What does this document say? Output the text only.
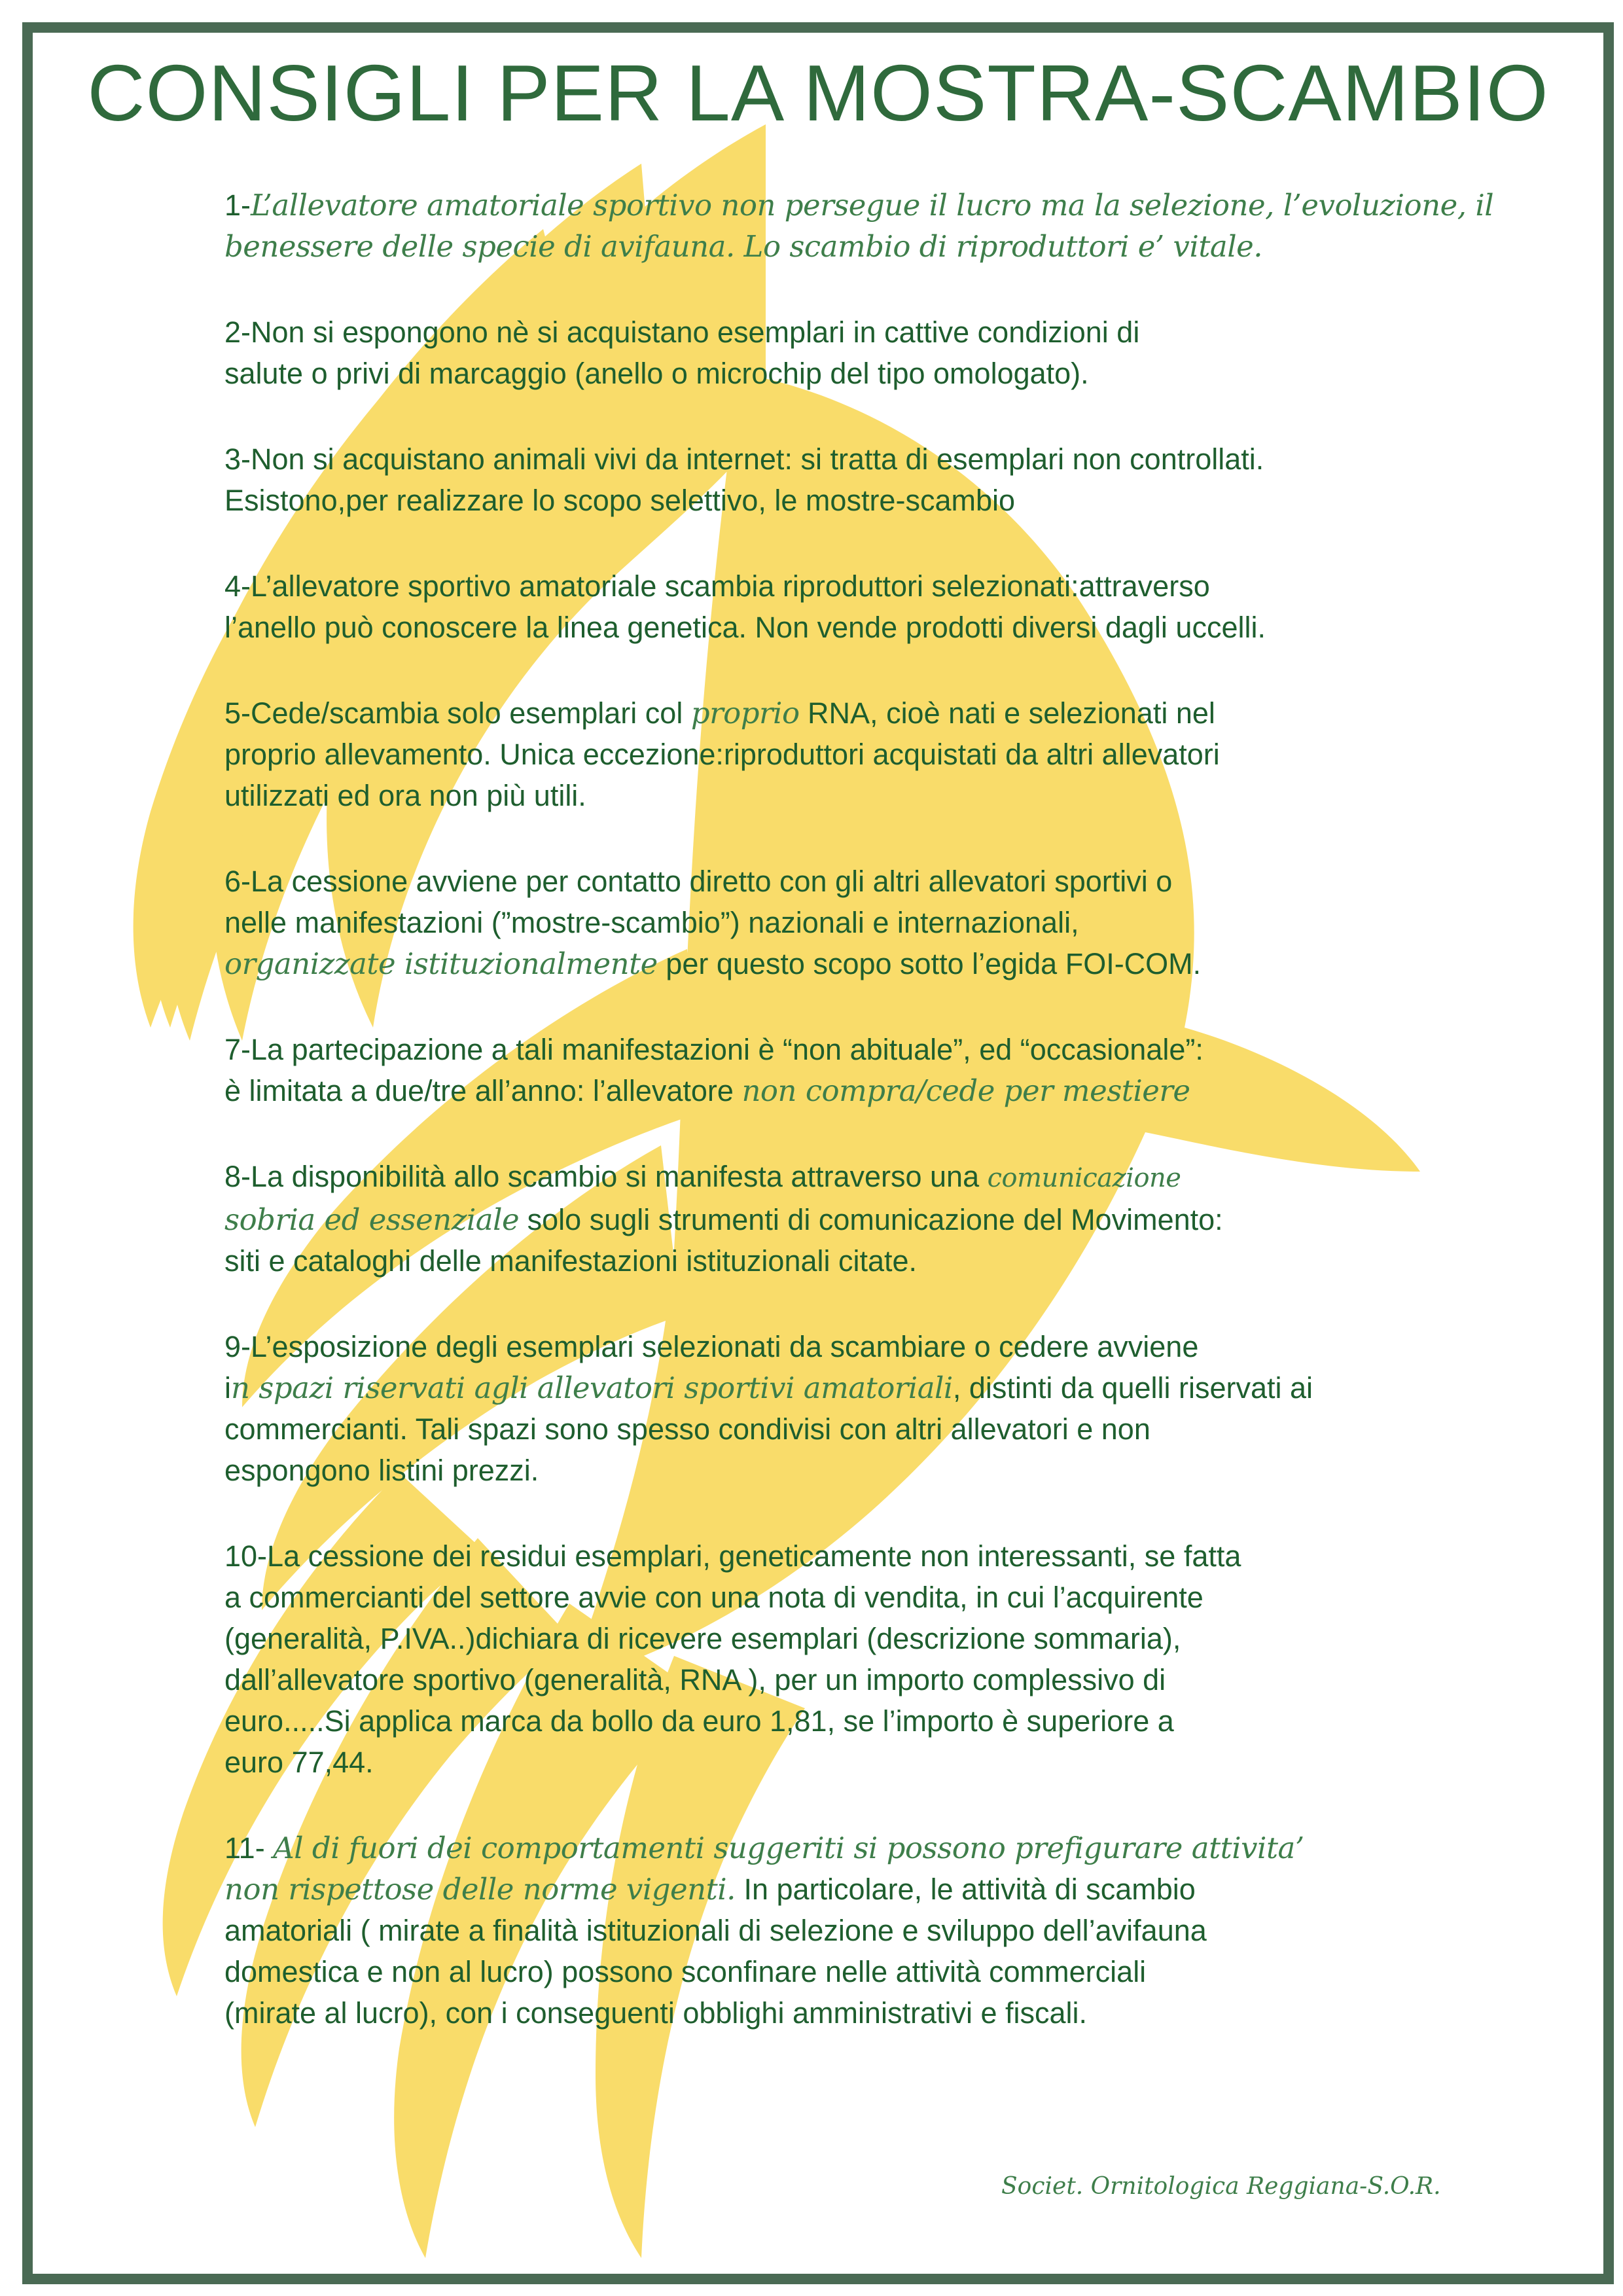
CONSIGLI PER LA MOSTRA-SCAMBIO

1-L’allevatore amatoriale sportivo non persegue il lucro ma la selezione, l’evoluzione, il benessere delle specie di avifauna. Lo scambio di riproduttori e’ vitale.

2-Non si espongono nè si acquistano esemplari in cattive condizioni di
salute o privi di marcaggio (anello o microchip del tipo omologato).

3-Non si acquistano animali vivi da internet: si tratta di esemplari non controllati.
Esistono,per realizzare lo scopo selettivo, le mostre-scambio

4-L’allevatore sportivo amatoriale scambia riproduttori selezionati:attraverso
l’anello può conoscere la linea genetica. Non vende prodotti diversi dagli uccelli.

5-Cede/scambia solo esemplari col proprio RNA, cioè nati e selezionati nel
proprio allevamento. Unica eccezione:riproduttori acquistati da altri allevatori
utilizzati ed ora non più utili.

6-La cessione avviene per contatto diretto con gli altri allevatori sportivi o
nelle manifestazioni (”mostre-scambio”) nazionali e internazionali,
organizzate istituzionalmente per questo scopo sotto l’egida FOI-COM.

7-La partecipazione a tali manifestazioni è “non abituale”, ed “occasionale”:
è limitata a due/tre all’anno: l’allevatore non compra/cede per mestiere

8-La disponibilità allo scambio si manifesta attraverso una comunicazione
sobria ed essenziale solo sugli strumenti di comunicazione del Movimento:
siti e cataloghi delle manifestazioni istituzionali citate.

9-L’esposizione degli esemplari selezionati da scambiare o cedere avviene
in spazi riservati agli allevatori sportivi amatoriali, distinti da quelli riservati ai
commercianti. Tali spazi sono spesso condivisi con altri allevatori e non
espongono listini prezzi.

10-La cessione dei residui esemplari, geneticamente non interessanti, se fatta
a commercianti del settore avvie con una nota di vendita, in cui l’acquirente
(generalità, P.IVA..)dichiara di ricevere esemplari (descrizione sommaria),
dall’allevatore sportivo (generalità, RNA ), per un importo complessivo di
euro.....Si applica marca da bollo da euro 1,81, se l’importo è superiore a
euro 77,44.

11- Al di fuori dei comportamenti suggeriti si possono prefigurare attivita’
non rispettose delle norme vigenti. In particolare, le attività di scambio
amatoriali ( mirate a finalità istituzionali di selezione e sviluppo dell’avifauna
domestica e non al lucro) possono sconfinare nelle attività commerciali
(mirate al lucro), con i conseguenti obblighi amministrativi e fiscali.

Societ. Ornitologica Reggiana-S.O.R.
